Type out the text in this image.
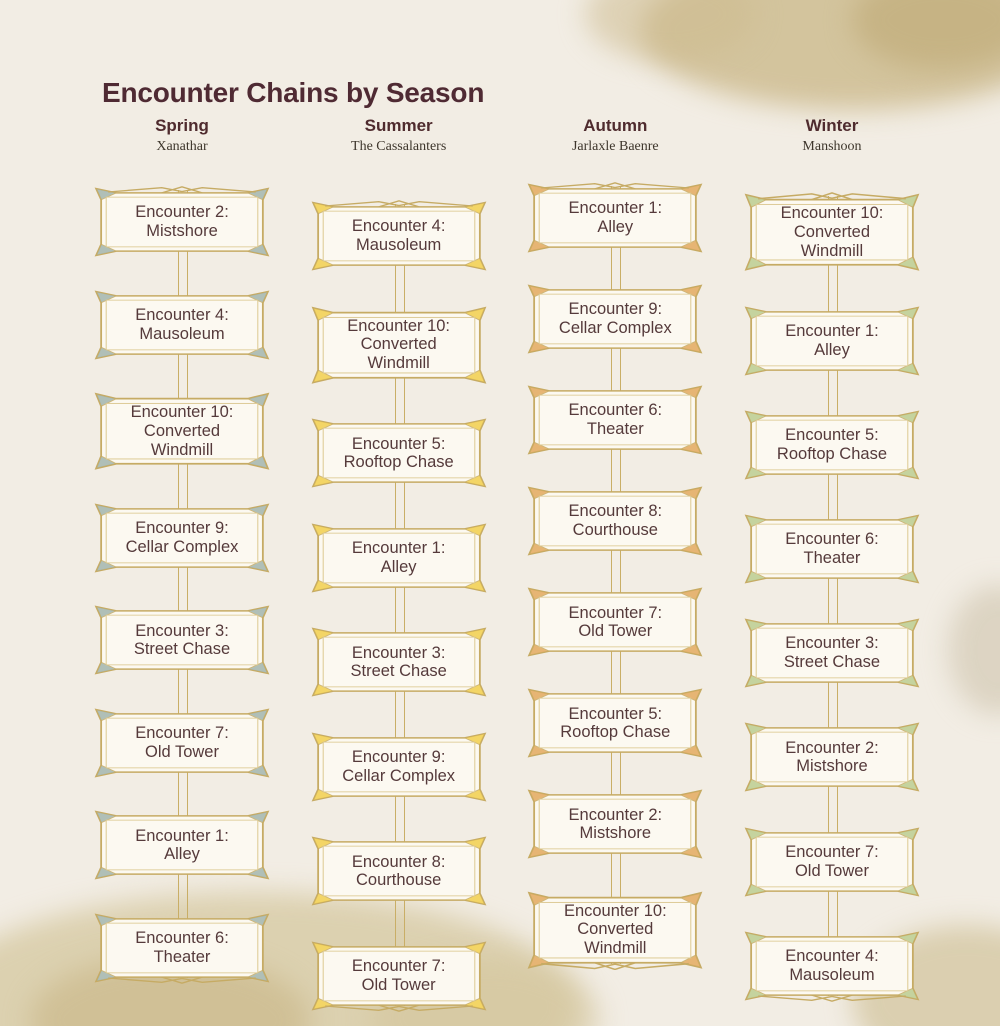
Encounter Chains by Season
Spring
Xanathar
Encounter 2:
Mistshore
Encounter 4:
Mausoleum
Encounter 10:
Converted Windmill
Encounter 9:
Cellar Complex
Encounter 3:
Street Chase
Encounter 7:
Old Tower
Encounter 1:
Alley
Encounter 6:
Theater
Summer
The Cassalanters
Encounter 4:
Mausoleum
Encounter 10:
Converted Windmill
Encounter 5:
Rooftop Chase
Encounter 1:
Alley
Encounter 3:
Street Chase
Encounter 9:
Cellar Complex
Encounter 8:
Courthouse
Encounter 7:
Old Tower
Autumn
Jarlaxle Baenre
Encounter 1:
Alley
Encounter 9:
Cellar Complex
Encounter 6:
Theater
Encounter 8:
Courthouse
Encounter 7:
Old Tower
Encounter 5:
Rooftop Chase
Encounter 2:
Mistshore
Encounter 10:
Converted Windmill
Winter
Manshoon
Encounter 10:
Converted Windmill
Encounter 1:
Alley
Encounter 5:
Rooftop Chase
Encounter 6:
Theater
Encounter 3:
Street Chase
Encounter 2:
Mistshore
Encounter 7:
Old Tower
Encounter 4:
Mausoleum
